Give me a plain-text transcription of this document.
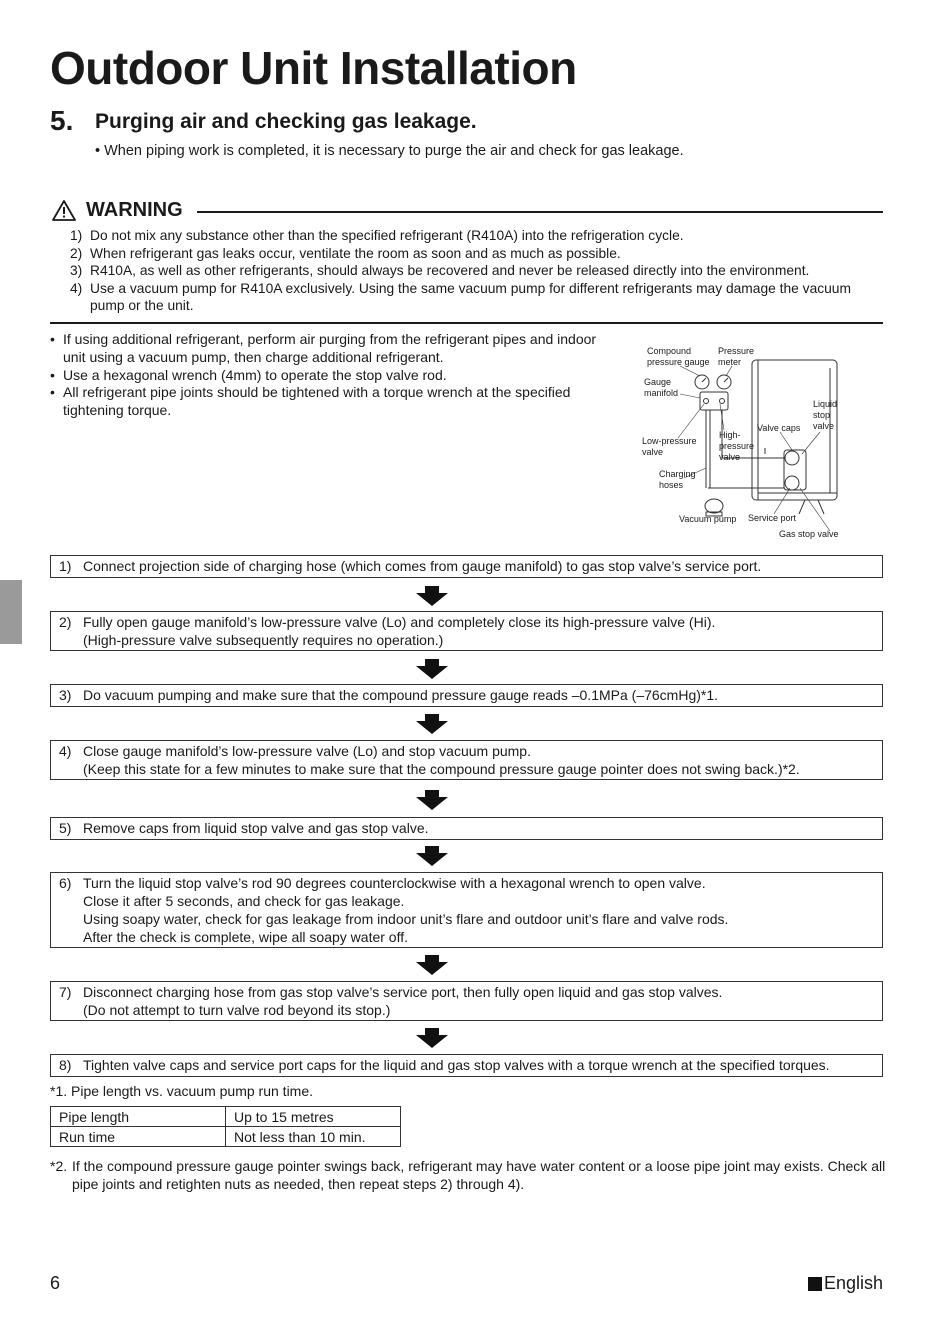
Outdoor Unit Installation
5. Purging air and checking gas leakage.
• When piping work is completed, it is necessary to purge the air and check for gas leakage.
WARNING
1) Do not mix any substance other than the specified refrigerant (R410A) into the refrigeration cycle.
2) When refrigerant gas leaks occur, ventilate the room as soon and as much as possible.
3) R410A, as well as other refrigerants, should always be recovered and never be released directly into the environment.
4) Use a vacuum pump for R410A exclusively. Using the same vacuum pump for different refrigerants may damage the vacuum pump or the unit.
• If using additional refrigerant, perform air purging from the refrigerant pipes and indoor unit using a vacuum pump, then charge additional refrigerant.
• Use a hexagonal wrench (4mm) to operate the stop valve rod.
• All refrigerant pipe joints should be tightened with a torque wrench at the specified tightening torque.
Compound
pressure gauge
Pressure
meter
Gauge
manifold
Liquid
stop
valve
Valve caps
Low-pressure
valve
High-
pressure
valve
Charging
hoses
Vacuum pump Service port
Gas stop valve
1) Connect projection side of charging hose (which comes from gauge manifold) to gas stop valve’s service port.
2) Fully open gauge manifold’s low-pressure valve (Lo) and completely close its high-pressure valve (Hi).
(High-pressure valve subsequently requires no operation.)
3) Do vacuum pumping and make sure that the compound pressure gauge reads –0.1MPa (–76cmHg)*1.
4) Close gauge manifold’s low-pressure valve (Lo) and stop vacuum pump.
(Keep this state for a few minutes to make sure that the compound pressure gauge pointer does not swing back.)*2.
5) Remove caps from liquid stop valve and gas stop valve.
6) Turn the liquid stop valve’s rod 90 degrees counterclockwise with a hexagonal wrench to open valve.
Close it after 5 seconds, and check for gas leakage.
Using soapy water, check for gas leakage from indoor unit’s flare and outdoor unit’s flare and valve rods.
After the check is complete, wipe all soapy water off.
7) Disconnect charging hose from gas stop valve’s service port, then fully open liquid and gas stop valves.
(Do not attempt to turn valve rod beyond its stop.)
8) Tighten valve caps and service port caps for the liquid and gas stop valves with a torque wrench at the specified torques.
*1. Pipe length vs. vacuum pump run time.
Pipe length	Up to 15 metres
Run time	Not less than 10 min.
*2. If the compound pressure gauge pointer swings back, refrigerant may have water content or a loose pipe joint may exists. Check all pipe joints and retighten nuts as needed, then repeat steps 2) through 4).
6	English
